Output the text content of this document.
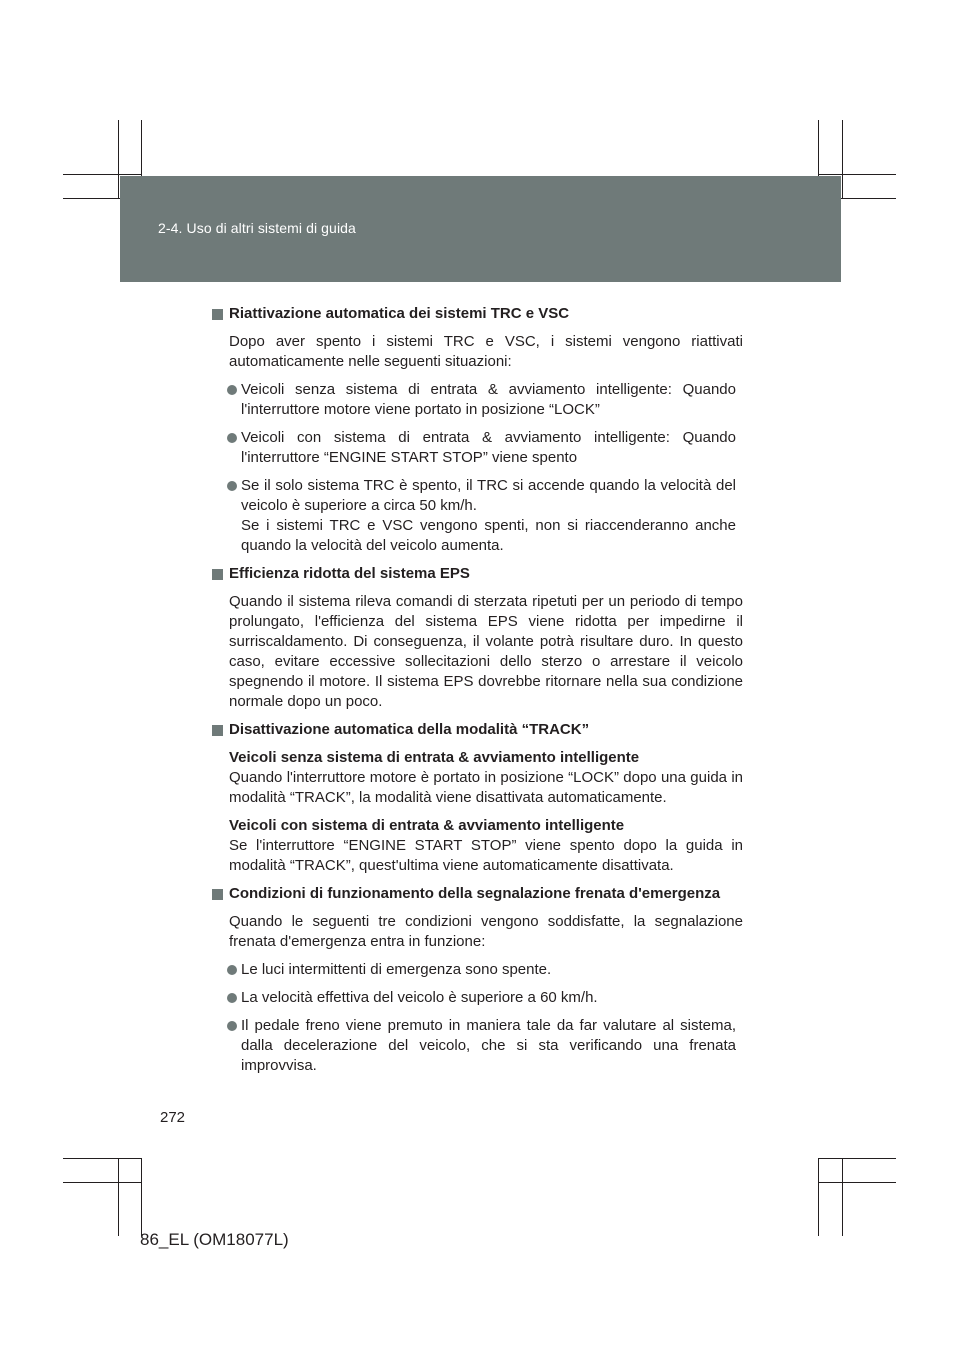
2-4. Uso di altri sistemi di guida
Riattivazione automatica dei sistemi TRC e VSC
Dopo aver spento i sistemi TRC e VSC, i sistemi vengono riattivati automaticamente nelle seguenti situazioni:
Veicoli senza sistema di entrata & avviamento intelligente: Quando l'interruttore motore viene portato in posizione “LOCK”
Veicoli con sistema di entrata & avviamento intelligente: Quando l'interruttore “ENGINE START STOP” viene spento
Se il solo sistema TRC è spento, il TRC si accende quando la velocità del veicolo è superiore a circa 50 km/h.
Se i sistemi TRC e VSC vengono spenti, non si riaccenderanno anche quando la velocità del veicolo aumenta.
Efficienza ridotta del sistema EPS
Quando il sistema rileva comandi di sterzata ripetuti per un periodo di tempo prolungato, l'efficienza del sistema EPS viene ridotta per impedirne il surriscaldamento. Di conseguenza, il volante potrà risultare duro. In questo caso, evitare eccessive sollecitazioni dello sterzo o arrestare il veicolo spegnendo il motore. Il sistema EPS dovrebbe ritornare nella sua condizione normale dopo un poco.
Disattivazione automatica della modalità “TRACK”
Veicoli senza sistema di entrata & avviamento intelligente
Quando l'interruttore motore è portato in posizione “LOCK” dopo una guida in modalità “TRACK”, la modalità viene disattivata automaticamente.
Veicoli con sistema di entrata & avviamento intelligente
Se l'interruttore “ENGINE START STOP” viene spento dopo la guida in modalità “TRACK”, quest'ultima viene automaticamente disattivata.
Condizioni di funzionamento della segnalazione frenata d'emergenza
Quando le seguenti tre condizioni vengono soddisfatte, la segnalazione frenata d'emergenza entra in funzione:
Le luci intermittenti di emergenza sono spente.
La velocità effettiva del veicolo è superiore a 60 km/h.
Il pedale freno viene premuto in maniera tale da far valutare al sistema, dalla decelerazione del veicolo, che si sta verificando una frenata improvvisa.
272
86_EL (OM18077L)
